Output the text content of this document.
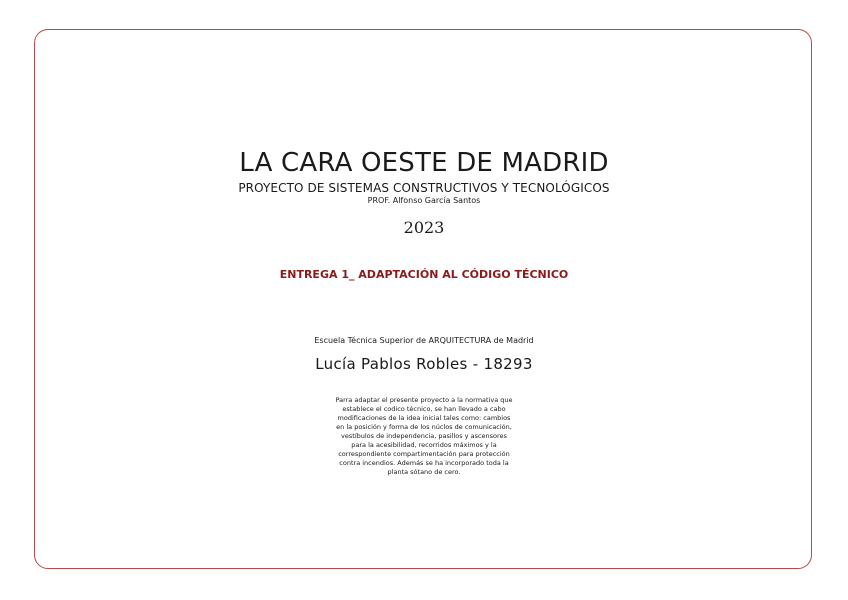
LA CARA OESTE DE MADRID
PROYECTO DE SISTEMAS CONSTRUCTIVOS Y TECNOLÓGICOS
PROF. Alfonso García Santos
2023
ENTREGA 1_ ADAPTACIÓN AL CÓDIGO TÉCNICO
Escuela Técnica Superior de ARQUITECTURA de Madrid
Lucía Pablos Robles - 18293
Parra adaptar el presente proyecto a la normativa que establece el codico técnico, se han llevado a cabo modificaciones de la idea inicial tales como: cambios en la posición y forma de los núclos de comunicación, vestíbulos de independencia, pasillos y ascensores para la acesibilidad, recorridos máximos y la correspondiente compartimentación para protección contra incendios. Además se ha incorporado toda la planta sótano de cero.
